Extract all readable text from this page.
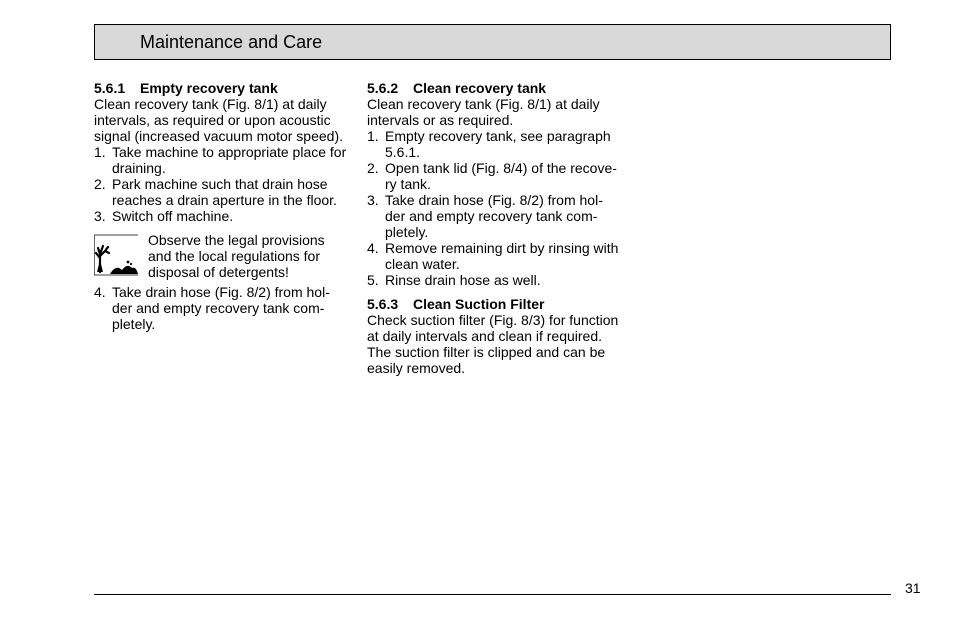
Maintenance and Care

5.6.1 Empty recovery tank

Clean recovery tank (Fig. 8/1) at daily intervals, as required or upon acoustic signal (increased vacuum motor speed).

1. Take machine to appropriate place for draining.
2. Park machine such that drain hose reaches a drain aperture in the floor.
3. Switch off machine.

Observe the legal provisions and the local regulations for disposal of detergents!

4. Take drain hose (Fig. 8/2) from hol- der and empty recovery tank com- pletely.

5.6.2 Clean recovery tank

Clean recovery tank (Fig. 8/1) at daily intervals or as required.

1. Empty recovery tank, see paragraph 5.6.1.
2. Open tank lid (Fig. 8/4) of the recove- ry tank.
3. Take drain hose (Fig. 8/2) from hol- der and empty recovery tank com- pletely.
4. Remove remaining dirt by rinsing with clean water.
5. Rinse drain hose as well.

5.6.3 Clean Suction Filter

Check suction filter (Fig. 8/3) for function at daily intervals and clean if required. The suction filter is clipped and can be easily removed.

31
